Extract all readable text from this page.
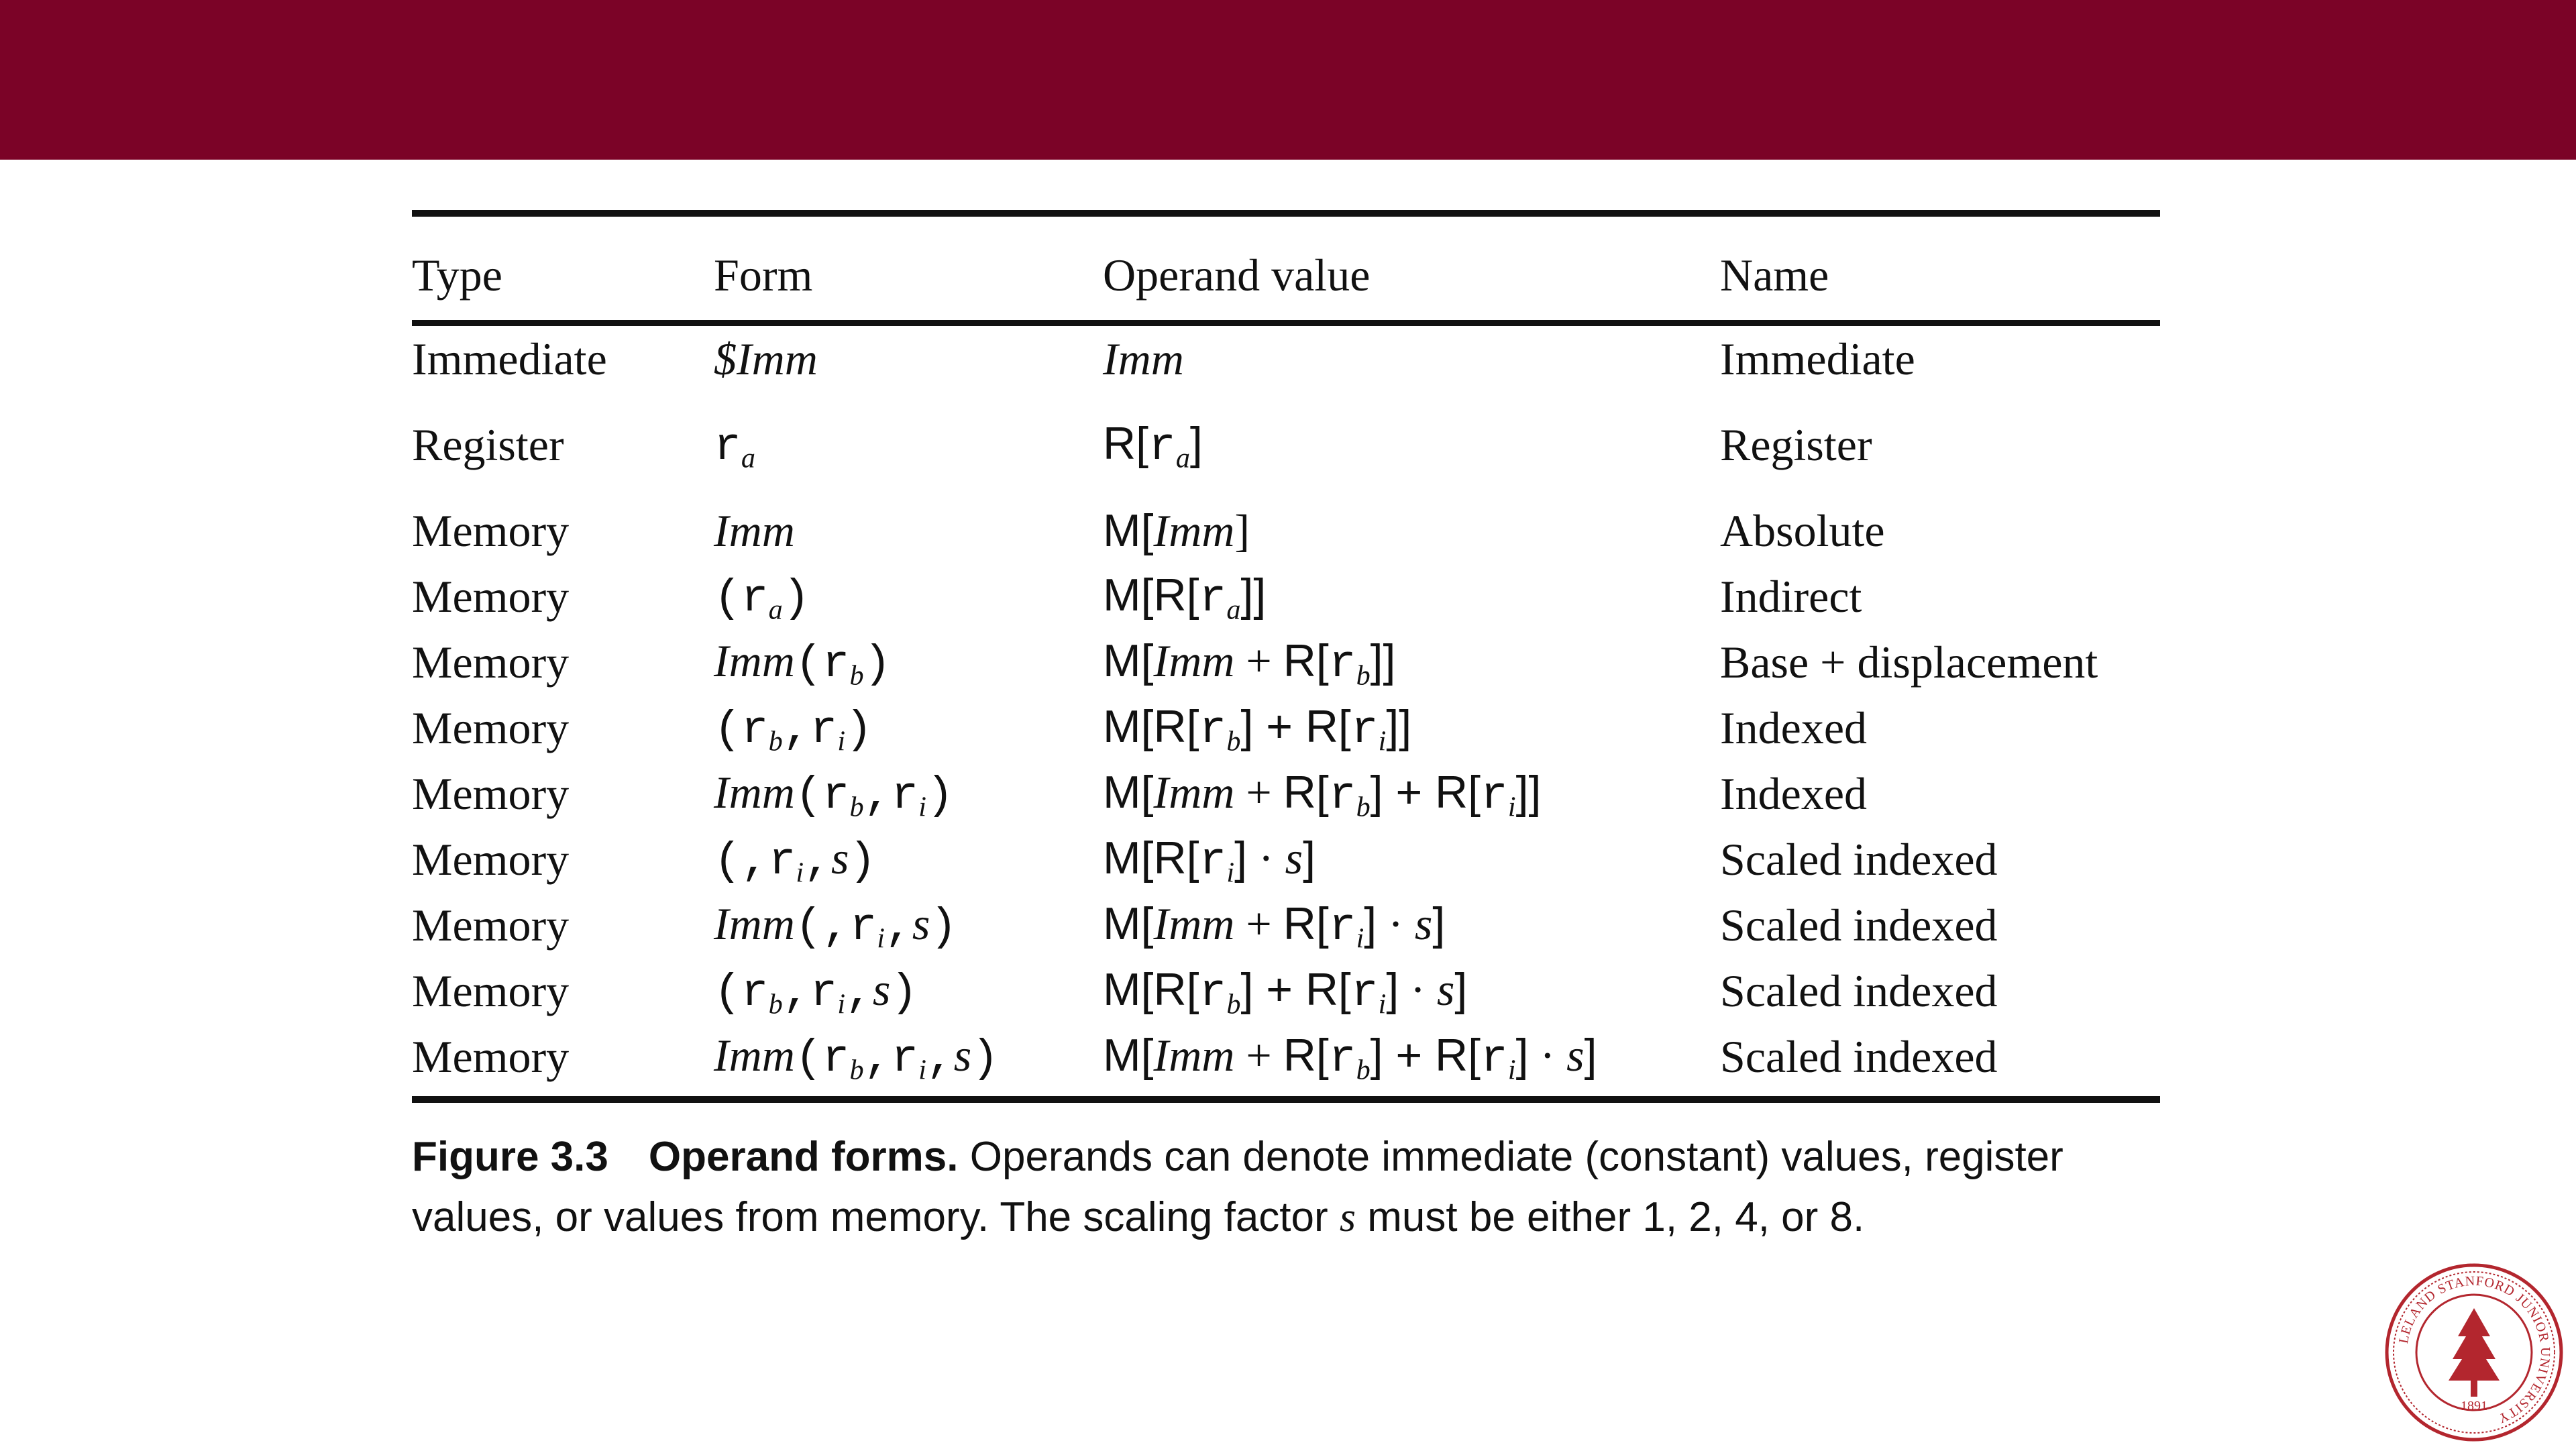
Type	Form	Operand value	Name
Immediate	$Imm	Imm	Immediate
Register	$r_a$	$R[r_a]$	Register
Memory	Imm	M[Imm]	Absolute
Memory	$(r_a)$	$M[R[r_a]]$	Indirect
Memory	$Imm(r_b)$	$M[Imm + R[r_b]]$	Base + displacement
Memory	$(r_b,r_i)$	$M[R[r_b] + R[r_i]]$	Indexed
Memory	$Imm(r_b,r_i)$	$M[Imm + R[r_b] + R[r_i]]$	Indexed
Memory	$(,r_i,s)$	$M[R[r_i] \cdot s]$	Scaled indexed
Memory	$Imm(,r_i,s)$	$M[Imm + R[r_i] \cdot s]$	Scaled indexed
Memory	$(r_b,r_i,s)$	$M[R[r_b] + R[r_i] \cdot s]$	Scaled indexed
Memory	$Imm(r_b,r_i,s)$	$M[Imm + R[r_b] + R[r_i] \cdot s]$	Scaled indexed
Figure 3.3 Operand forms. Operands can denote immediate (constant) values, register values, or values from memory. The scaling factor s must be either 1, 2, 4, or 8.
LELAND STANFORD JUNIOR UNIVERSITY
1891
